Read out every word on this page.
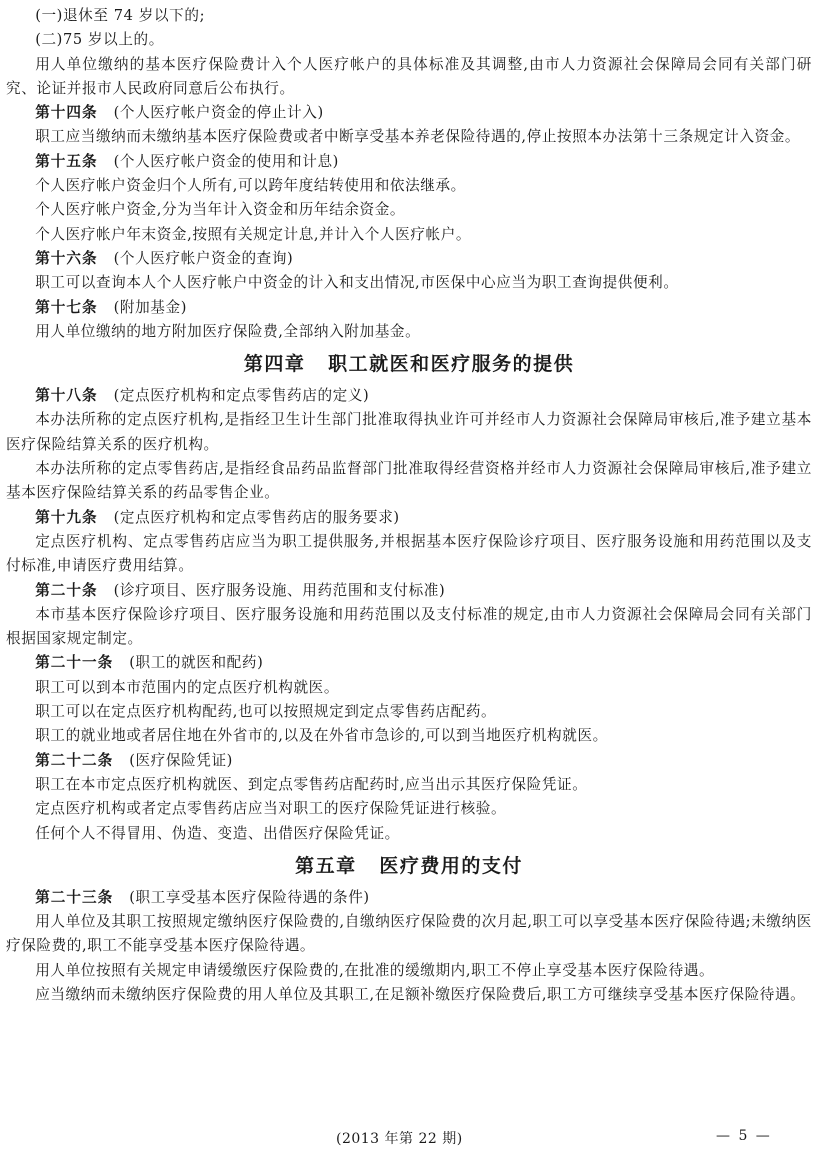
(一)退休至 74 岁以下的;

(二)75 岁以上的。

用人单位缴纳的基本医疗保险费计入个人医疗帐户的具体标准及其调整,由市人力资源社会保障局会同有关部门研究、论证并报市人民政府同意后公布执行。

第十四条 (个人医疗帐户资金的停止计入)

职工应当缴纳而未缴纳基本医疗保险费或者中断享受基本养老保险待遇的,停止按照本办法第十三条规定计入资金。

第十五条 (个人医疗帐户资金的使用和计息)

个人医疗帐户资金归个人所有,可以跨年度结转使用和依法继承。

个人医疗帐户资金,分为当年计入资金和历年结余资金。

个人医疗帐户年末资金,按照有关规定计息,并计入个人医疗帐户。

第十六条 (个人医疗帐户资金的查询)

职工可以查询本人个人医疗帐户中资金的计入和支出情况,市医保中心应当为职工查询提供便利。

第十七条 (附加基金)

用人单位缴纳的地方附加医疗保险费,全部纳入附加基金。

第四章 职工就医和医疗服务的提供

第十八条 (定点医疗机构和定点零售药店的定义)

本办法所称的定点医疗机构,是指经卫生计生部门批准取得执业许可并经市人力资源社会保障局审核后,准予建立基本医疗保险结算关系的医疗机构。

本办法所称的定点零售药店,是指经食品药品监督部门批准取得经营资格并经市人力资源社会保障局审核后,准予建立基本医疗保险结算关系的药品零售企业。

第十九条 (定点医疗机构和定点零售药店的服务要求)

定点医疗机构、定点零售药店应当为职工提供服务,并根据基本医疗保险诊疗项目、医疗服务设施和用药范围以及支付标准,申请医疗费用结算。

第二十条 (诊疗项目、医疗服务设施、用药范围和支付标准)

本市基本医疗保险诊疗项目、医疗服务设施和用药范围以及支付标准的规定,由市人力资源社会保障局会同有关部门根据国家规定制定。

第二十一条 (职工的就医和配药)

职工可以到本市范围内的定点医疗机构就医。

职工可以在定点医疗机构配药,也可以按照规定到定点零售药店配药。

职工的就业地或者居住地在外省市的,以及在外省市急诊的,可以到当地医疗机构就医。

第二十二条 (医疗保险凭证)

职工在本市定点医疗机构就医、到定点零售药店配药时,应当出示其医疗保险凭证。

定点医疗机构或者定点零售药店应当对职工的医疗保险凭证进行核验。

任何个人不得冒用、伪造、变造、出借医疗保险凭证。

第五章 医疗费用的支付

第二十三条 (职工享受基本医疗保险待遇的条件)

用人单位及其职工按照规定缴纳医疗保险费的,自缴纳医疗保险费的次月起,职工可以享受基本医疗保险待遇;未缴纳医疗保险费的,职工不能享受基本医疗保险待遇。

用人单位按照有关规定申请缓缴医疗保险费的,在批准的缓缴期内,职工不停止享受基本医疗保险待遇。

应当缴纳而未缴纳医疗保险费的用人单位及其职工,在足额补缴医疗保险费后,职工方可继续享受基本医疗保险待遇。

(2013 年第 22 期)	— 5 —
